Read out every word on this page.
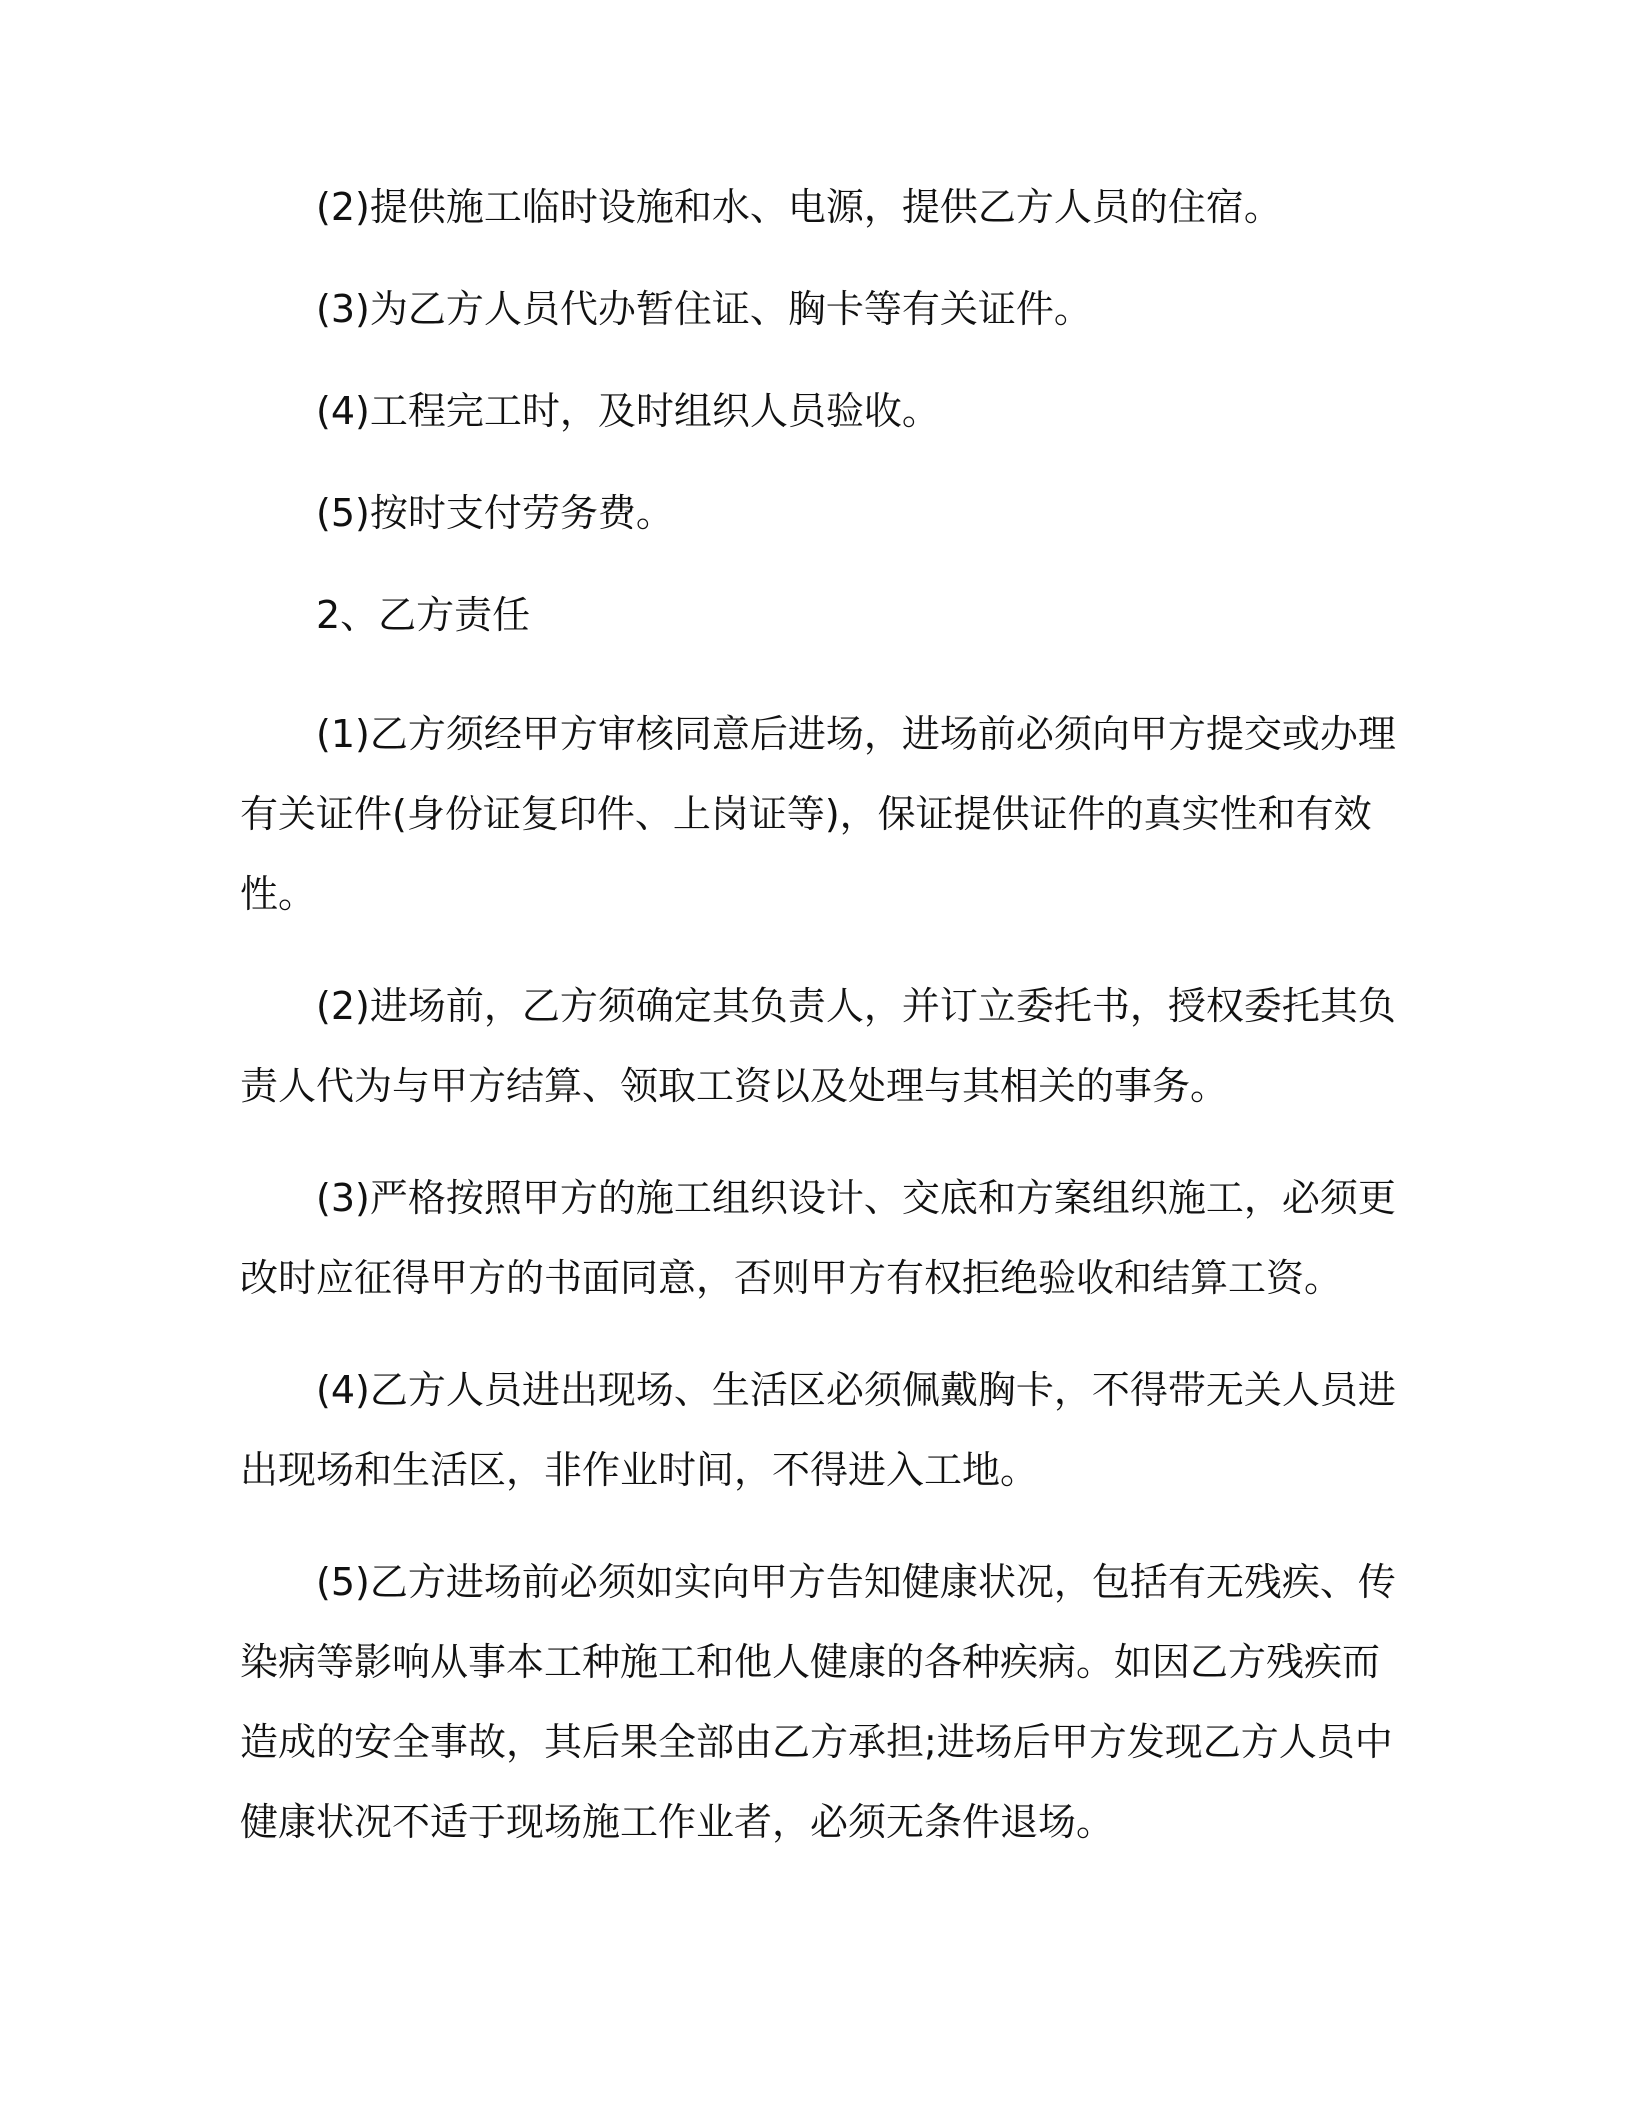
(2)提供施工临时设施和水、电源，提供乙方人员的住宿。

(3)为乙方人员代办暂住证、胸卡等有关证件。

(4)工程完工时，及时组织人员验收。

(5)按时支付劳务费。

2、乙方责任

(1)乙方须经甲方审核同意后进场，进场前必须向甲方提交或办理有关证件(身份证复印件、上岗证等)，保证提供证件的真实性和有效性。

(2)进场前，乙方须确定其负责人，并订立委托书，授权委托其负责人代为与甲方结算、领取工资以及处理与其相关的事务。

(3)严格按照甲方的施工组织设计、交底和方案组织施工，必须更改时应征得甲方的书面同意，否则甲方有权拒绝验收和结算工资。

(4)乙方人员进出现场、生活区必须佩戴胸卡，不得带无关人员进出现场和生活区，非作业时间，不得进入工地。

(5)乙方进场前必须如实向甲方告知健康状况，包括有无残疾、传染病等影响从事本工种施工和他人健康的各种疾病。如因乙方残疾而造成的安全事故，其后果全部由乙方承担;进场后甲方发现乙方人员中健康状况不适于现场施工作业者，必须无条件退场。
